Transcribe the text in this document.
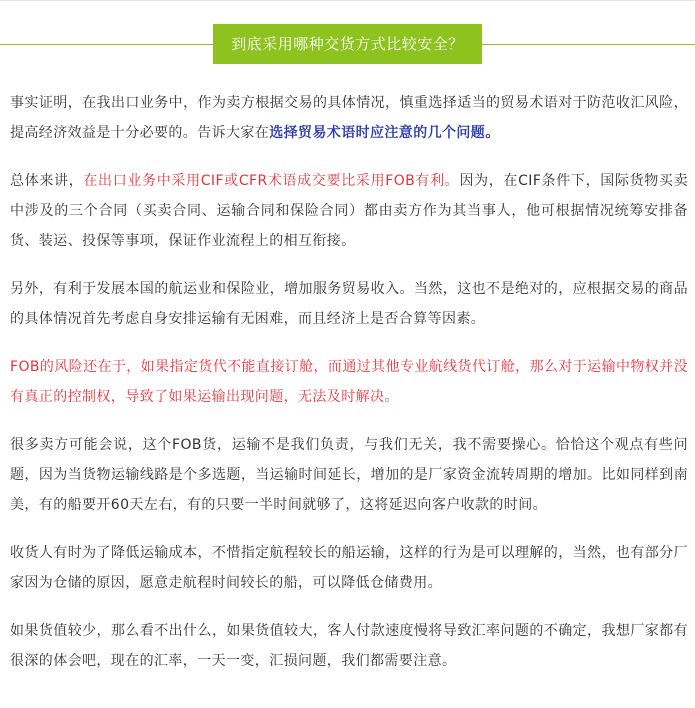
到底采用哪种交货方式比较安全？

事实证明，在我出口业务中，作为卖方根据交易的具体情况，慎重选择适当的贸易术语对于防范收汇风险，提高经济效益是十分必要的。告诉大家在选择贸易术语时应注意的几个问题。

总体来讲，在出口业务中采用CIF或CFR术语成交要比采用FOB有利。因为，在CIF条件下，国际货物买卖中涉及的三个合同（买卖合同、运输合同和保险合同）都由卖方作为其当事人，他可根据情况统筹安排备货、装运、投保等事项，保证作业流程上的相互衔接。

另外，有利于发展本国的航运业和保险业，增加服务贸易收入。当然，这也不是绝对的，应根据交易的商品的具体情况首先考虑自身安排运输有无困难，而且经济上是否合算等因素。

FOB的风险还在于，如果指定货代不能直接订舱，而通过其他专业航线货代订舱，那么对于运输中物权并没有真正的控制权，导致了如果运输出现问题，无法及时解决。

很多卖方可能会说，这个FOB货，运输不是我们负责，与我们无关，我不需要操心。恰恰这个观点有些问题，因为当货物运输线路是个多选题，当运输时间延长，增加的是厂家资金流转周期的增加。比如同样到南美，有的船要开60天左右，有的只要一半时间就够了，这将延迟向客户收款的时间。

收货人有时为了降低运输成本，不惜指定航程较长的船运输，这样的行为是可以理解的，当然，也有部分厂家因为仓储的原因，愿意走航程时间较长的船，可以降低仓储费用。

如果货值较少，那么看不出什么，如果货值较大，客人付款速度慢将导致汇率问题的不确定，我想厂家都有很深的体会吧，现在的汇率，一天一变，汇损问题，我们都需要注意。
